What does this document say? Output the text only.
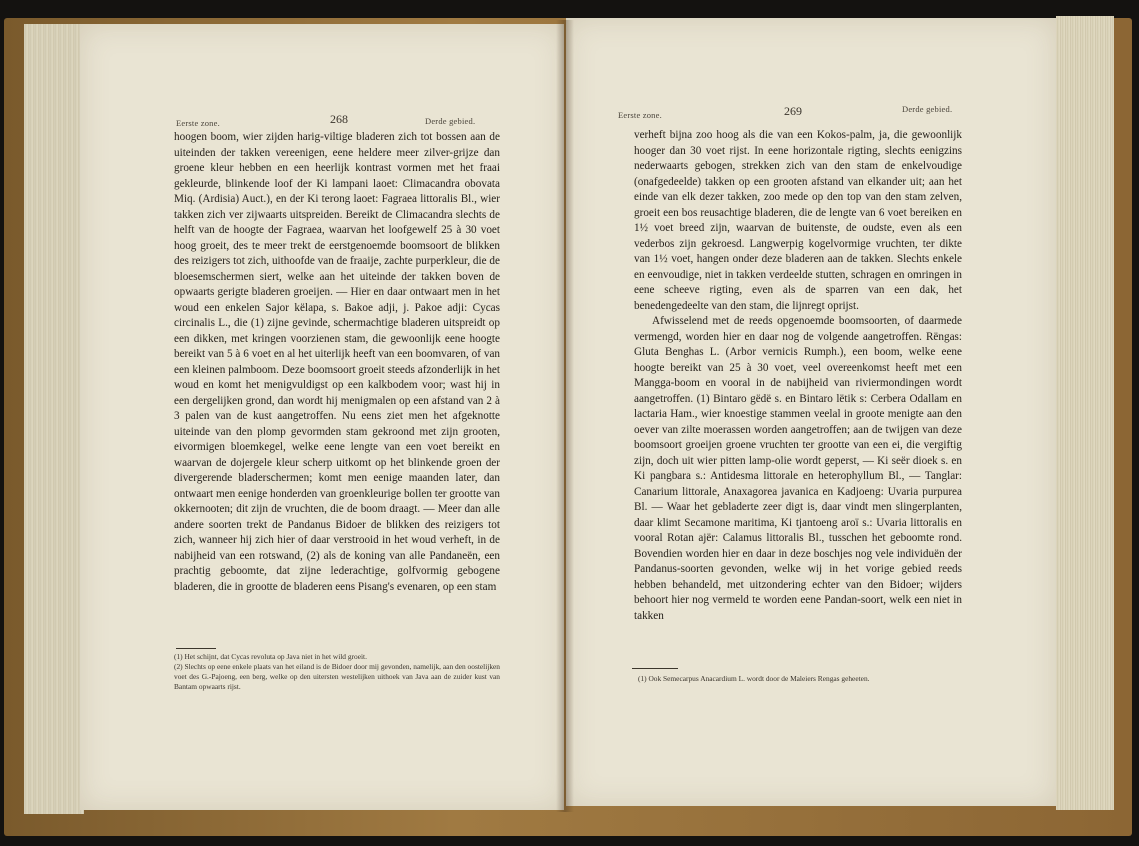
Eerste zone.	268	Derde gebied.

hoogen boom, wier zijden harig-viltige bladeren zich tot bossen aan de uiteinden der takken vereenigen, eene heldere meer zilver-grijze dan groene kleur hebben en een heerlijk kontrast vormen met het fraai gekleurde, blinkende loof der Ki lampani laoet: Climacandra obovata Miq. (Ardisia) Auct.), en der Ki terong laoet: Fagraea littoralis Bl., wier takken zich ver zijwaarts uitspreiden. Bereikt de Climacandra slechts de helft van de hoogte der Fagraea, waarvan het loofgewelf 25 à 30 voet hoog groeit, des te meer trekt de eerstgenoemde boomsoort de blikken des reizigers tot zich, uithoofde van de fraaije, zachte purperkleur, die de bloesemschermen siert, welke aan het uiteinde der takken boven de opwaarts gerigte bladeren groeijen. — Hier en daar ontwaart men in het woud een enkelen Sajor këlapa, s. Bakoe adji, j. Pakoe adji: Cycas circinalis L., die (1) zijne gevinde, schermachtige bladeren uitspreidt op een dikken, met kringen voorzienen stam, die gewoonlijk eene hoogte bereikt van 5 à 6 voet en al het uiterlijk heeft van een boomvaren, of van een kleinen palmboom. Deze boomsoort groeit steeds afzonderlijk in het woud en komt het menigvuldigst op een kalkbodem voor; wast hij in een dergelijken grond, dan wordt hij menigmalen op een afstand van 2 à 3 palen van de kust aangetroffen. Nu eens ziet men het afgeknotte uiteinde van den plomp gevormden stam gekroond met zijn grooten, eivormigen bloemkegel, welke eene lengte van een voet bereikt en waarvan de dojergele kleur scherp uitkomt op het blinkende groen der divergerende bladerschermen; komt men eenige maanden later, dan ontwaart men eenige honderden van groenkleurige bollen ter grootte van okkernooten; dit zijn de vruchten, die de boom draagt. — Meer dan alle andere soorten trekt de Pandanus Bidoer de blikken des reizigers tot zich, wanneer hij zich hier of daar verstrooid in het woud verheft, in de nabijheid van een rotswand, (2) als de koning van alle Pandaneën, een prachtig geboomte, dat zijne lederachtige, golfvormig gebogene bladeren, die in grootte de bladeren eens Pisang's evenaren, op een stam

(1) Het schijnt, dat Cycas revoluta op Java niet in het wild groeit.

(2) Slechts op eene enkele plaats van het eiland is de Bidoer door mij gevonden, namelijk, aan den oostelijken voet des G.-Pajoeng, een berg, welke op den uitersten westelijken uithoek van Java aan de zuider kust van Bantam opwaarts rijst.

Eerste zone.	269	Derde gebied.

verheft bijna zoo hoog als die van een Kokos-palm, ja, die gewoonlijk hooger dan 30 voet rijst. In eene horizontale rigting, slechts eenigzins nederwaarts gebogen, strekken zich van den stam de enkelvoudige (onafgedeelde) takken op een grooten afstand van elkander uit; aan het einde van elk dezer takken, zoo mede op den top van den stam zelven, groeit een bos reusachtige bladeren, die de lengte van 6 voet bereiken en 1½ voet breed zijn, waarvan de buitenste, de oudste, even als een vederbos zijn gekroesd. Langwerpig kogelvormige vruchten, ter dikte van 1½ voet, hangen onder deze bladeren aan de takken. Slechts enkele en eenvoudige, niet in takken verdeelde stutten, schragen en omringen in eene scheeve rigting, even als de sparren van een dak, het benedengedeelte van den stam, die lijnregt oprijst.

Afwisselend met de reeds opgenoemde boomsoorten, of daarmede vermengd, worden hier en daar nog de volgende aangetroffen. Rëngas: Gluta Benghas L. (Arbor vernicis Rumph.), een boom, welke eene hoogte bereikt van 25 à 30 voet, veel overeenkomst heeft met een Mangga-boom en vooral in de nabijheid van riviermondingen wordt aangetroffen. (1) Bintaro gëdë s. en Bintaro lëtik s: Cerbera Odallam en lactaria Ham., wier knoestige stammen veelal in groote menigte aan den oever van zilte moerassen worden aangetroffen; aan de twijgen van deze boomsoort groeijen groene vruchten ter grootte van een ei, die vergiftig zijn, doch uit wier pitten lamp-olie wordt geperst, — Ki seër dioek s. en Ki pangbara s.: Antidesma littorale en heterophyllum Bl., — Tanglar: Canarium littorale, Anaxagorea javanica en Kadjoeng: Uvaria purpurea Bl. — Waar het gebladerte zeer digt is, daar vindt men slingerplanten, daar klimt Secamone maritima, Ki tjantoeng aroï s.: Uvaria littoralis en vooral Rotan ajër: Calamus littoralis Bl., tusschen het geboomte rond. Bovendien worden hier en daar in deze boschjes nog vele individuën der Pandanus-soorten gevonden, welke wij in het vorige gebied reeds hebben behandeld, met uitzondering echter van den Bidoer; wijders behoort hier nog vermeld te worden eene Pandan-soort, welk een niet in takken

(1) Ook Semecarpus Anacardium L. wordt door de Maleiers Rengas geheeten.
